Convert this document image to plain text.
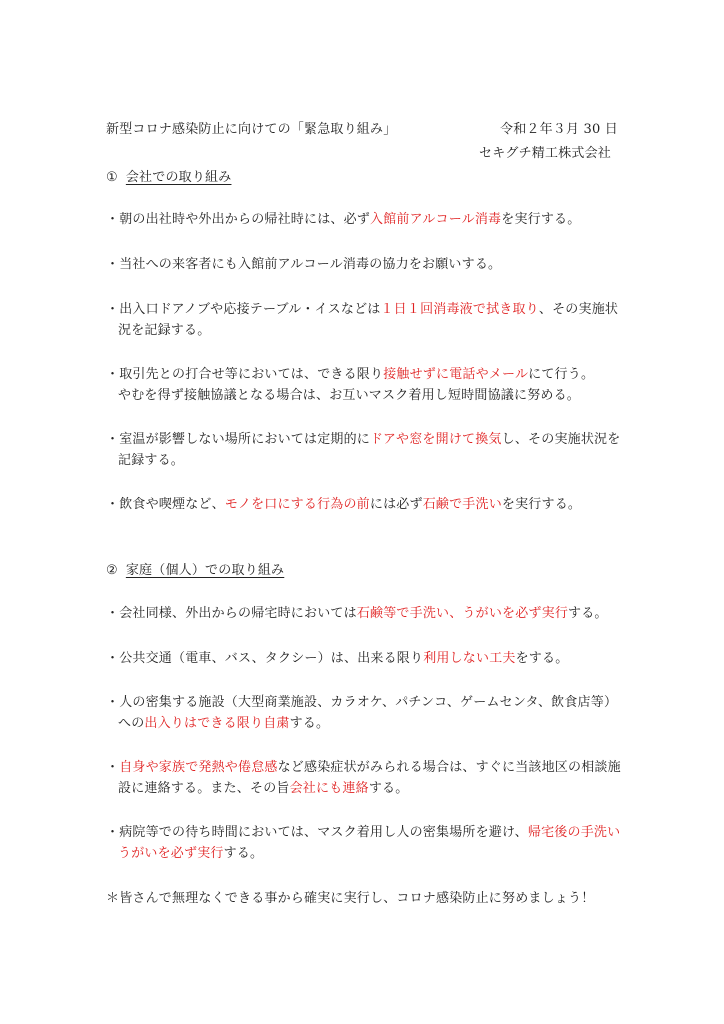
新型コロナ感染防止に向けての「緊急取り組み」	令和２年３月 30 日
セキグチ精工株式会社
① 会社での取り組み
・朝の出社時や外出からの帰社時には、必ず入館前アルコール消毒を実行する。
・当社への来客者にも入館前アルコール消毒の協力をお願いする。
・出入口ドアノブや応接テーブル・イスなどは１日１回消毒液で拭き取り、その実施状
況を記録する。
・取引先との打合せ等においては、できる限り接触せずに電話やメールにて行う。
やむを得ず接触協議となる場合は、お互いマスク着用し短時間協議に努める。
・室温が影響しない場所においては定期的にドアや窓を開けて換気し、その実施状況を
記録する。
・飲食や喫煙など、モノを口にする行為の前には必ず石鹸で手洗いを実行する。
② 家庭（個人）での取り組み
・会社同様、外出からの帰宅時においては石鹸等で手洗い、うがいを必ず実行する。
・公共交通（電車、バス、タクシー）は、出来る限り利用しない工夫をする。
・人の密集する施設（大型商業施設、カラオケ、パチンコ、ゲームセンタ、飲食店等）
への出入りはできる限り自粛する。
・自身や家族で発熱や倦怠感など感染症状がみられる場合は、すぐに当該地区の相談施
設に連絡する。また、その旨会社にも連絡する。
・病院等での待ち時間においては、マスク着用し人の密集場所を避け、帰宅後の手洗い
うがいを必ず実行する。
＊皆さんで無理なくできる事から確実に実行し、コロナ感染防止に努めましょう！
